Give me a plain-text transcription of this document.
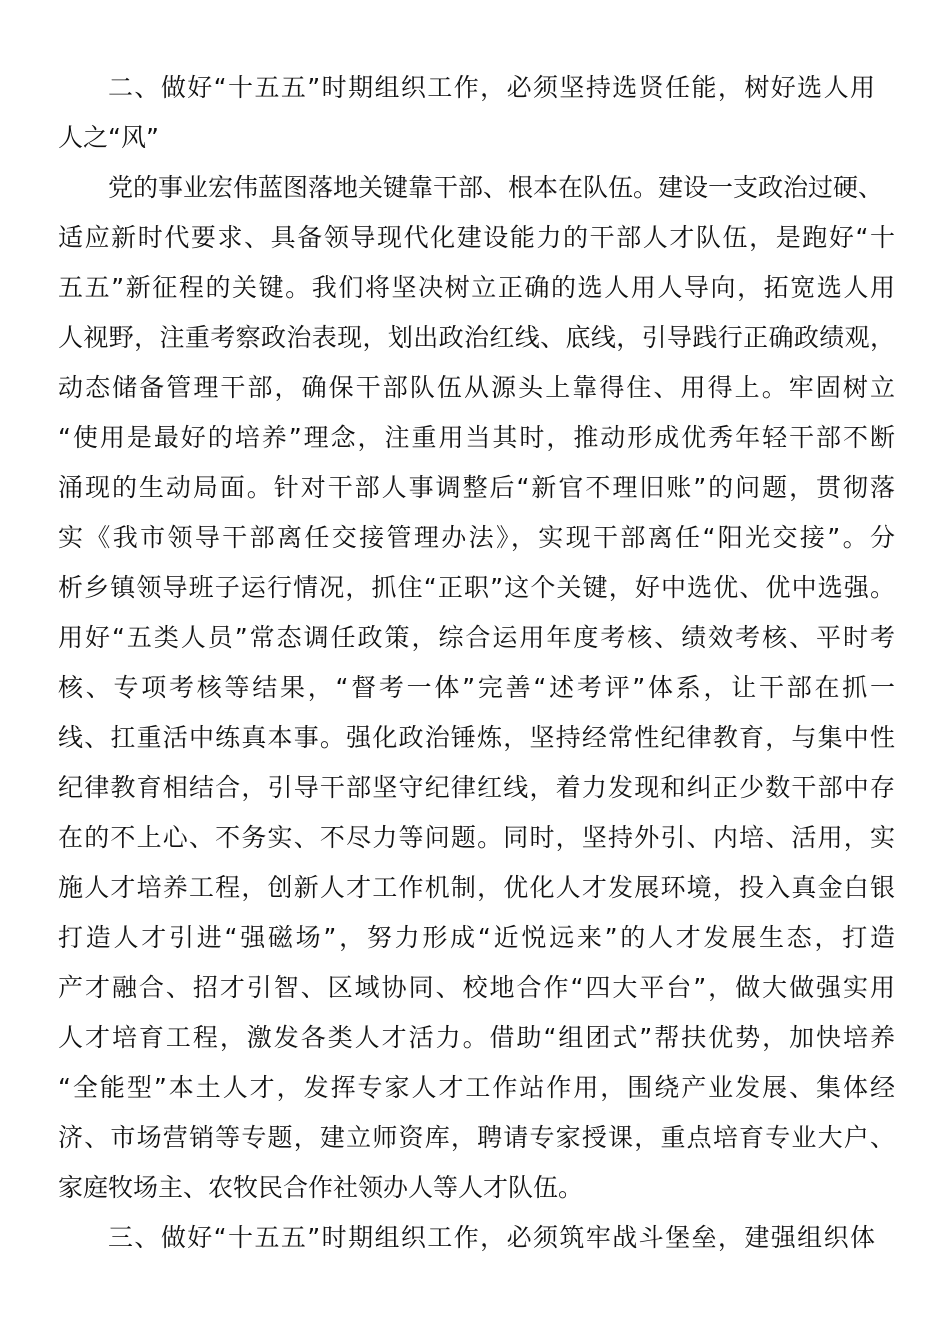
二、做好“十五五”时期组织工作，必须坚持选贤任能，树好选人用
人之“风”
党的事业宏伟蓝图落地关键靠干部、根本在队伍。建设一支政治过硬、
适应新时代要求、具备领导现代化建设能力的干部人才队伍，是跑好“十
五五”新征程的关键。我们将坚决树立正确的选人用人导向，拓宽选人用
人视野，注重考察政治表现，划出政治红线、底线，引导践行正确政绩观，
动态储备管理干部，确保干部队伍从源头上靠得住、用得上。牢固树立
“使用是最好的培养”理念，注重用当其时，推动形成优秀年轻干部不断
涌现的生动局面。针对干部人事调整后“新官不理旧账”的问题，贯彻落
实《我市领导干部离任交接管理办法》，实现干部离任“阳光交接”。分
析乡镇领导班子运行情况，抓住“正职”这个关键，好中选优、优中选强。
用好“五类人员”常态调任政策，综合运用年度考核、绩效考核、平时考
核、专项考核等结果，“督考一体”完善“述考评”体系，让干部在抓一
线、扛重活中练真本事。强化政治锤炼，坚持经常性纪律教育，与集中性
纪律教育相结合，引导干部坚守纪律红线，着力发现和纠正少数干部中存
在的不上心、不务实、不尽力等问题。同时，坚持外引、内培、活用，实
施人才培养工程，创新人才工作机制，优化人才发展环境，投入真金白银
打造人才引进“强磁场”，努力形成“近悦远来”的人才发展生态，打造
产才融合、招才引智、区域协同、校地合作“四大平台”，做大做强实用
人才培育工程，激发各类人才活力。借助“组团式”帮扶优势，加快培养
“全能型”本土人才，发挥专家人才工作站作用，围绕产业发展、集体经
济、市场营销等专题，建立师资库，聘请专家授课，重点培育专业大户、
家庭牧场主、农牧民合作社领办人等人才队伍。
三、做好“十五五”时期组织工作，必须筑牢战斗堡垒，建强组织体
